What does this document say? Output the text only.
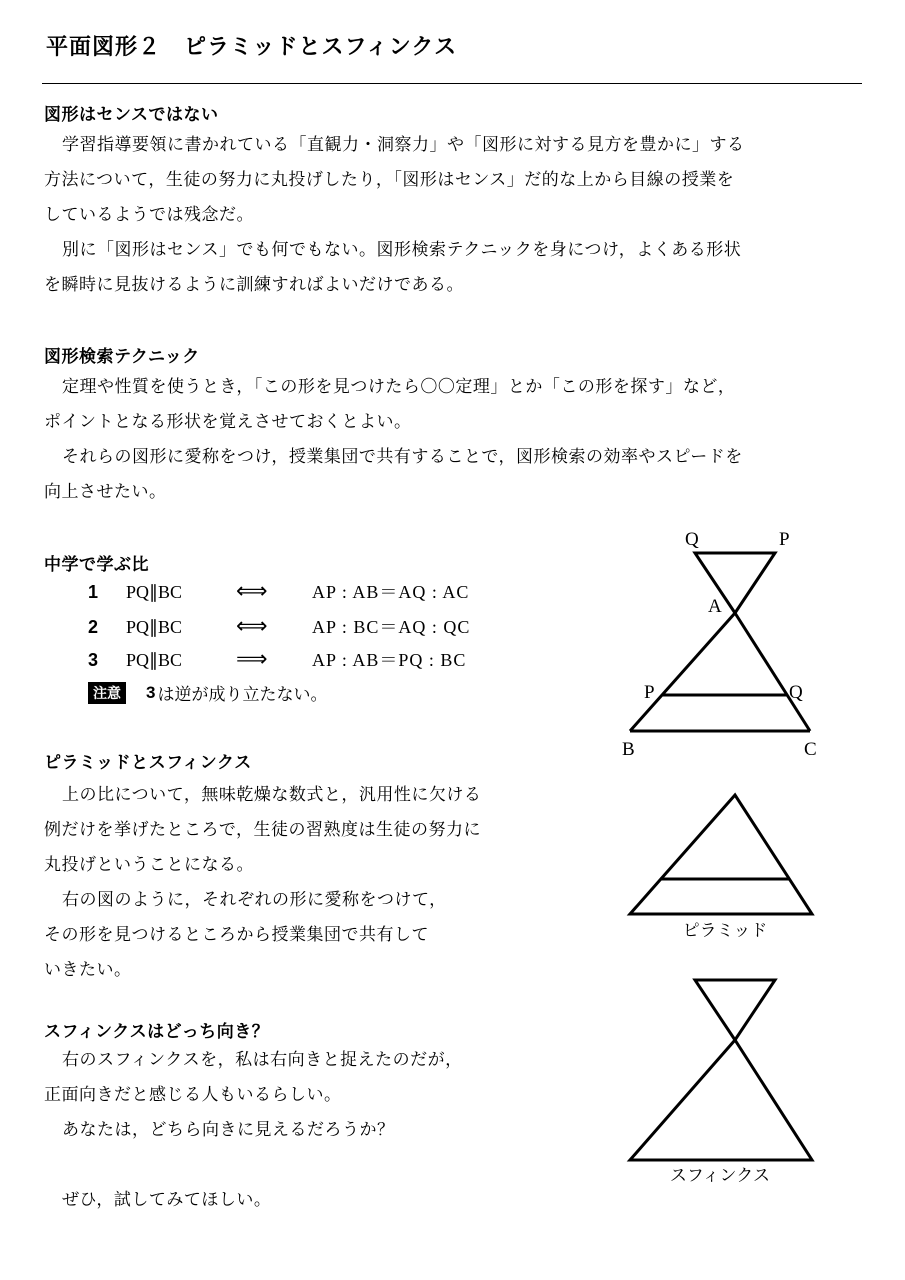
平面図形２　ピラミッドとスフィンクス
図形はセンスではない
学習指導要領に書かれている「直観力・洞察力」や「図形に対する見方を豊かに」する
方法について，生徒の努力に丸投げしたり，「図形はセンス」だ的な上から目線の授業を
しているようでは残念だ。
別に「図形はセンス」でも何でもない。図形検索テクニックを身につけ，よくある形状
を瞬時に見抜けるように訓練すればよいだけである。
図形検索テクニック
定理や性質を使うとき，「この形を見つけたら〇〇定理」とか「この形を探す」など，
ポイントとなる形状を覚えさせておくとよい。
それらの図形に愛称をつけ，授業集団で共有することで，図形検索の効率やスピードを
向上させたい。
中学で学ぶ比
1	PQ∥BC	⟺	AP : AB＝AQ : AC
2	PQ∥BC	⟺	AP : BC＝AQ : QC
3	PQ∥BC	⟹	AP : AB＝PQ : BC
注意 3 は逆が成り立たない。
ピラミッドとスフィンクス
上の比について，無味乾燥な数式と，汎用性に欠ける
例だけを挙げたところで，生徒の習熟度は生徒の努力に
丸投げということになる。
右の図のように，それぞれの形に愛称をつけて，
その形を見つけるところから授業集団で共有して
いきたい。
スフィンクスはどっち向き？
右のスフィンクスを，私は右向きと捉えたのだが，
正面向きだと感じる人もいるらしい。
あなたは，どちら向きに見えるだろうか？
ぜひ，試してみてほしい。
Q	P
A
P	Q
B	C
ピラミッド
スフィンクス
